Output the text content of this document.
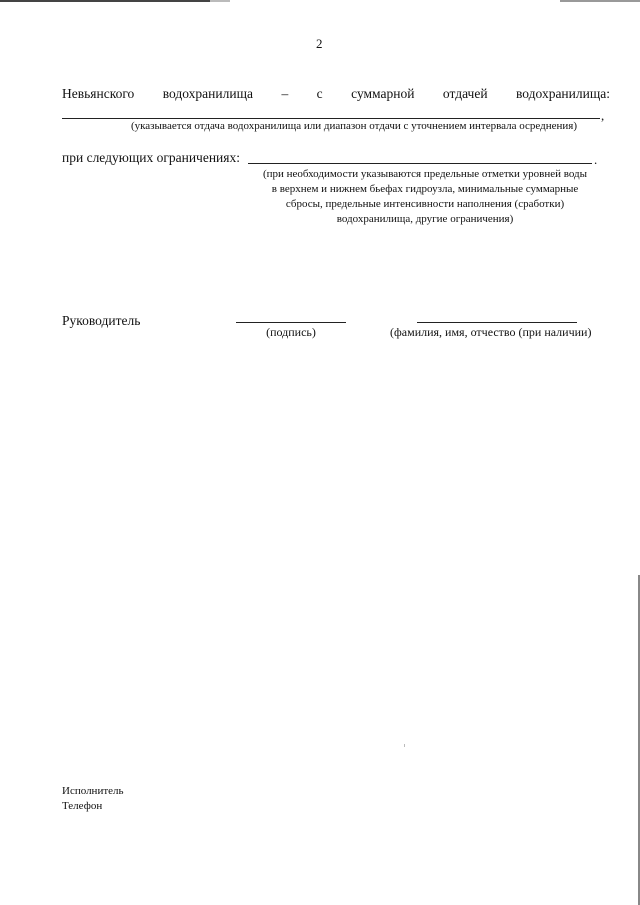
2
Невьянского водохранилища – с суммарной отдачей водохранилища:
,
(указывается отдача водохранилища или диапазон отдачи с уточнением интервала осреднения)
при следующих ограничениях:	.
(при необходимости указываются предельные отметки уровней воды
в верхнем и нижнем бьефах гидроузла, минимальные суммарные
сбросы, предельные интенсивности наполнения (сработки)
водохранилища, другие ограничения)
Руководитель
(подпись)	(фамилия, имя, отчество (при наличии)
Исполнитель
Телефон
